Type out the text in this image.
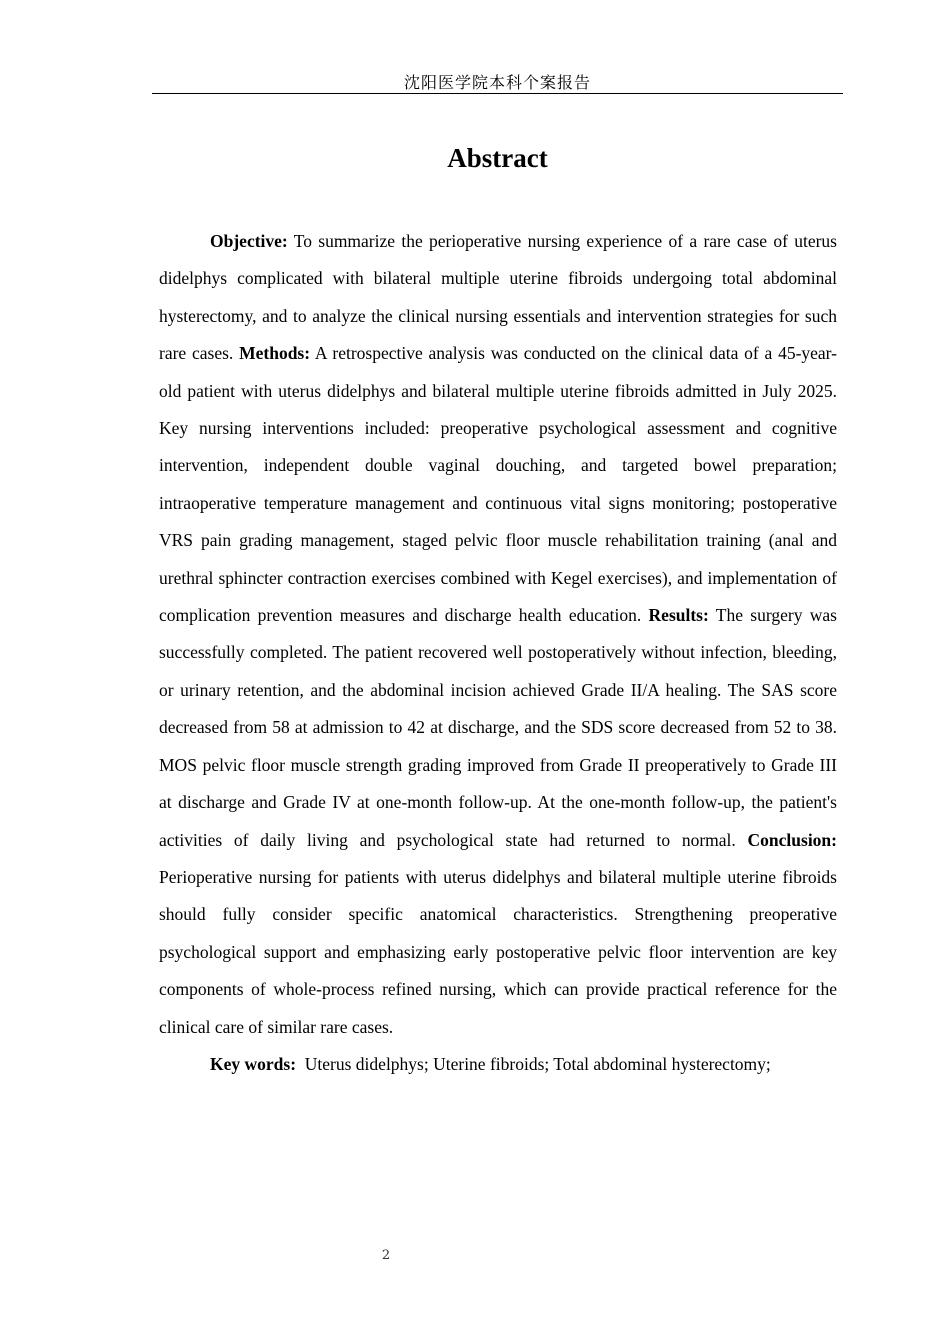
沈阳医学院本科个案报告
Abstract

Objective: To summarize the perioperative nursing experience of a rare case of uterus didelphys complicated with bilateral multiple uterine fibroids undergoing total abdominal hysterectomy, and to analyze the clinical nursing essentials and intervention strategies for such rare cases. Methods: A retrospective analysis was conducted on the clinical data of a 45-year-old patient with uterus didelphys and bilateral multiple uterine fibroids admitted in July 2025. Key nursing interventions included: preoperative psychological assessment and cognitive intervention, independent double vaginal douching, and targeted bowel preparation; intraoperative temperature management and continuous vital signs monitoring; postoperative VRS pain grading management, staged pelvic floor muscle rehabilitation training (anal and urethral sphincter contraction exercises combined with Kegel exercises), and implementation of complication prevention measures and discharge health education. Results: The surgery was successfully completed. The patient recovered well postoperatively without infection, bleeding, or urinary retention, and the abdominal incision achieved Grade II/A healing. The SAS score decreased from 58 at admission to 42 at discharge, and the SDS score decreased from 52 to 38. MOS pelvic floor muscle strength grading improved from Grade II preoperatively to Grade III at discharge and Grade IV at one-month follow-up. At the one-month follow-up, the patient's activities of daily living and psychological state had returned to normal. Conclusion: Perioperative nursing for patients with uterus didelphys and bilateral multiple uterine fibroids should fully consider specific anatomical characteristics. Strengthening preoperative psychological support and emphasizing early postoperative pelvic floor intervention are key components of whole-process refined nursing, which can provide practical reference for the clinical care of similar rare cases.

Key words:  Uterus didelphys; Uterine fibroids; Total abdominal hysterectomy;

2
